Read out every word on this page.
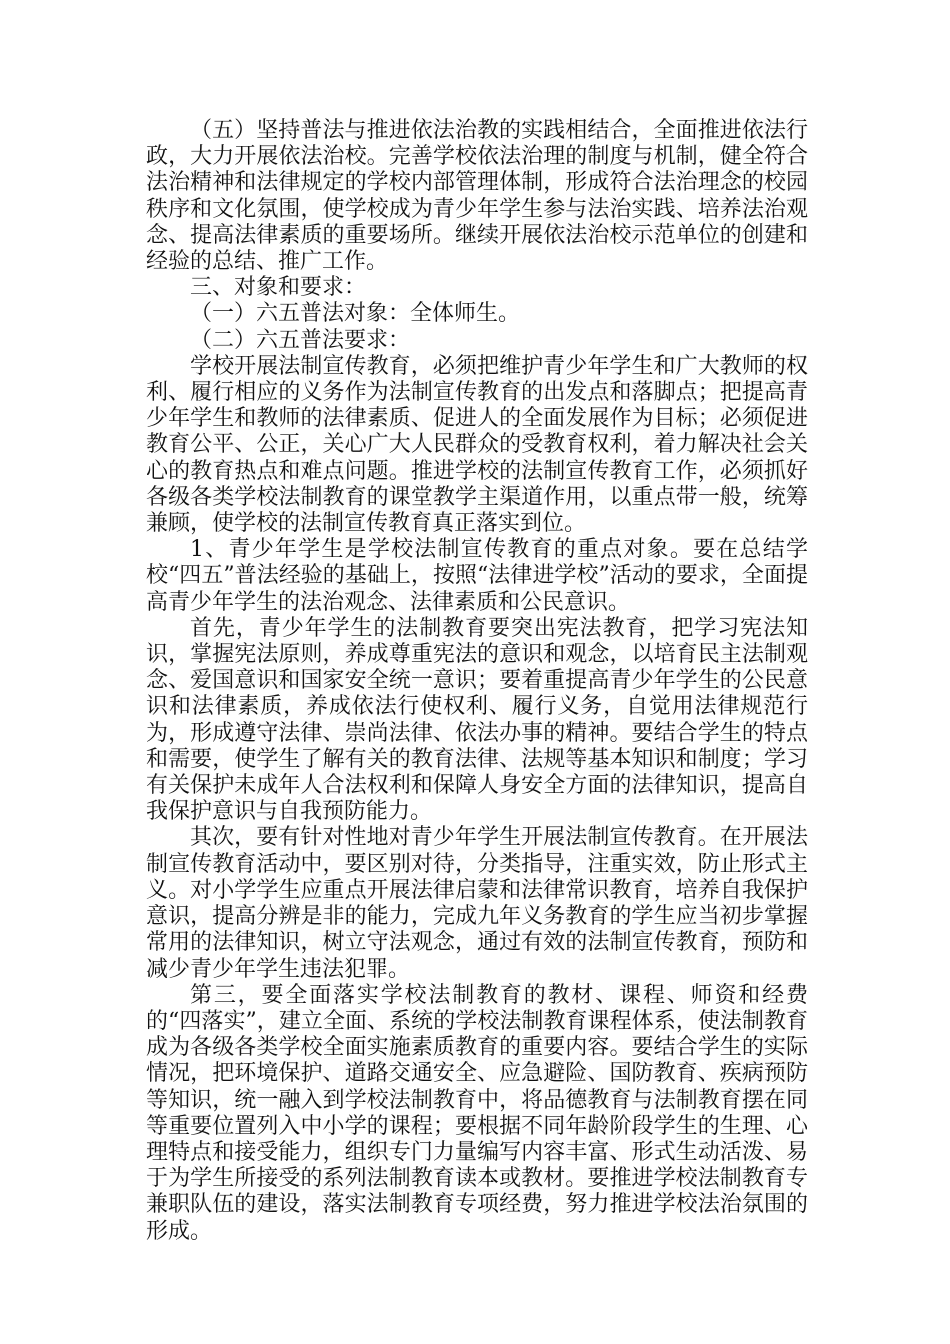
（五）坚持普法与推进依法治教的实践相结合，全面推进依法行政，大力开展依法治校。完善学校依法治理的制度与机制，健全符合法治精神和法律规定的学校内部管理体制，形成符合法治理念的校园秩序和文化氛围，使学校成为青少年学生参与法治实践、培养法治观念、提高法律素质的重要场所。继续开展依法治校示范单位的创建和经验的总结、推广工作。

三、对象和要求：

（一）六五普法对象：全体师生。

（二）六五普法要求：

学校开展法制宣传教育，必须把维护青少年学生和广大教师的权利、履行相应的义务作为法制宣传教育的出发点和落脚点；把提高青少年学生和教师的法律素质、促进人的全面发展作为目标；必须促进教育公平、公正，关心广大人民群众的受教育权利，着力解决社会关心的教育热点和难点问题。推进学校的法制宣传教育工作，必须抓好各级各类学校法制教育的课堂教学主渠道作用，以重点带一般，统筹兼顾，使学校的法制宣传教育真正落实到位。

1、青少年学生是学校法制宣传教育的重点对象。要在总结学校“四五”普法经验的基础上，按照“法律进学校”活动的要求，全面提高青少年学生的法治观念、法律素质和公民意识。

首先，青少年学生的法制教育要突出宪法教育，把学习宪法知识，掌握宪法原则，养成尊重宪法的意识和观念，以培育民主法制观念、爱国意识和国家安全统一意识；要着重提高青少年学生的公民意识和法律素质，养成依法行使权利、履行义务，自觉用法律规范行为，形成遵守法律、崇尚法律、依法办事的精神。要结合学生的特点和需要，使学生了解有关的教育法律、法规等基本知识和制度；学习有关保护未成年人合法权利和保障人身安全方面的法律知识，提高自我保护意识与自我预防能力。

其次，要有针对性地对青少年学生开展法制宣传教育。在开展法制宣传教育活动中，要区别对待，分类指导，注重实效，防止形式主义。对小学学生应重点开展法律启蒙和法律常识教育，培养自我保护意识，提高分辨是非的能力，完成九年义务教育的学生应当初步掌握常用的法律知识，树立守法观念，通过有效的法制宣传教育，预防和减少青少年学生违法犯罪。

第三，要全面落实学校法制教育的教材、课程、师资和经费的“四落实”，建立全面、系统的学校法制教育课程体系，使法制教育成为各级各类学校全面实施素质教育的重要内容。要结合学生的实际情况，把环境保护、道路交通安全、应急避险、国防教育、疾病预防等知识，统一融入到学校法制教育中，将品德教育与法制教育摆在同等重要位置列入中小学的课程；要根据不同年龄阶段学生的生理、心理特点和接受能力，组织专门力量编写内容丰富、形式生动活泼、易于为学生所接受的系列法制教育读本或教材。要推进学校法制教育专兼职队伍的建设，落实法制教育专项经费，努力推进学校法治氛围的形成。
